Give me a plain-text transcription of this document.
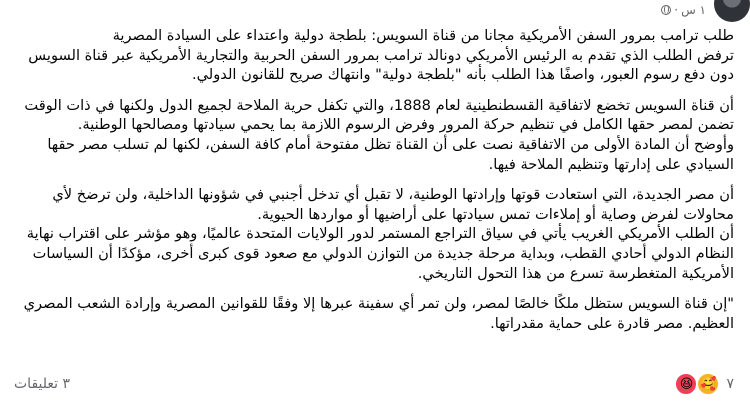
١ س·

طلب ترامب بمرور السفن الأمريكية مجانا من قناة السويس: بلطجة دولية واعتداء على السيادة المصرية
ترفض الطلب الذي تقدم به الرئيس الأمريكي دونالد ترامب بمرور السفن الحربية والتجارية الأمريكية عبر قناة السويس دون دفع رسوم العبور، واصفًا هذا الطلب بأنه "بلطجة دولية" وانتهاك صريح للقانون الدولي.

أن قناة السويس تخضع لاتفاقية القسطنطينية لعام 1888، والتي تكفل حرية الملاحة لجميع الدول ولكنها في ذات الوقت تضمن لمصر حقها الكامل في تنظيم حركة المرور وفرض الرسوم اللازمة بما يحمي سيادتها ومصالحها الوطنية.
وأوضح أن المادة الأولى من الاتفاقية نصت على أن القناة تظل مفتوحة أمام كافة السفن، لكنها لم تسلب مصر حقها السيادي على إدارتها وتنظيم الملاحة فيها.

أن مصر الجديدة، التي استعادت قوتها وإرادتها الوطنية، لا تقبل أي تدخل أجنبي في شؤونها الداخلية، ولن ترضخ لأي محاولات لفرض وصاية أو إملاءات تمس سيادتها على أراضيها أو مواردها الحيوية.
أن الطلب الأمريكي الغريب يأتي في سياق التراجع المستمر لدور الولايات المتحدة عالميًا، وهو مؤشر على اقتراب نهاية النظام الدولي أحادي القطب، وبداية مرحلة جديدة من التوازن الدولي مع صعود قوى كبرى أخرى، مؤكدًا أن السياسات الأمريكية المتغطرسة تسرع من هذا التحول التاريخي.

"إن قناة السويس ستظل ملكًا خالصًا لمصر، ولن تمر أي سفينة عبرها إلا وفقًا للقوانين المصرية وإرادة الشعب المصري العظيم. مصر قادرة على حماية مقدراتها.

😆 🥰 ٧
٣ تعليقات
